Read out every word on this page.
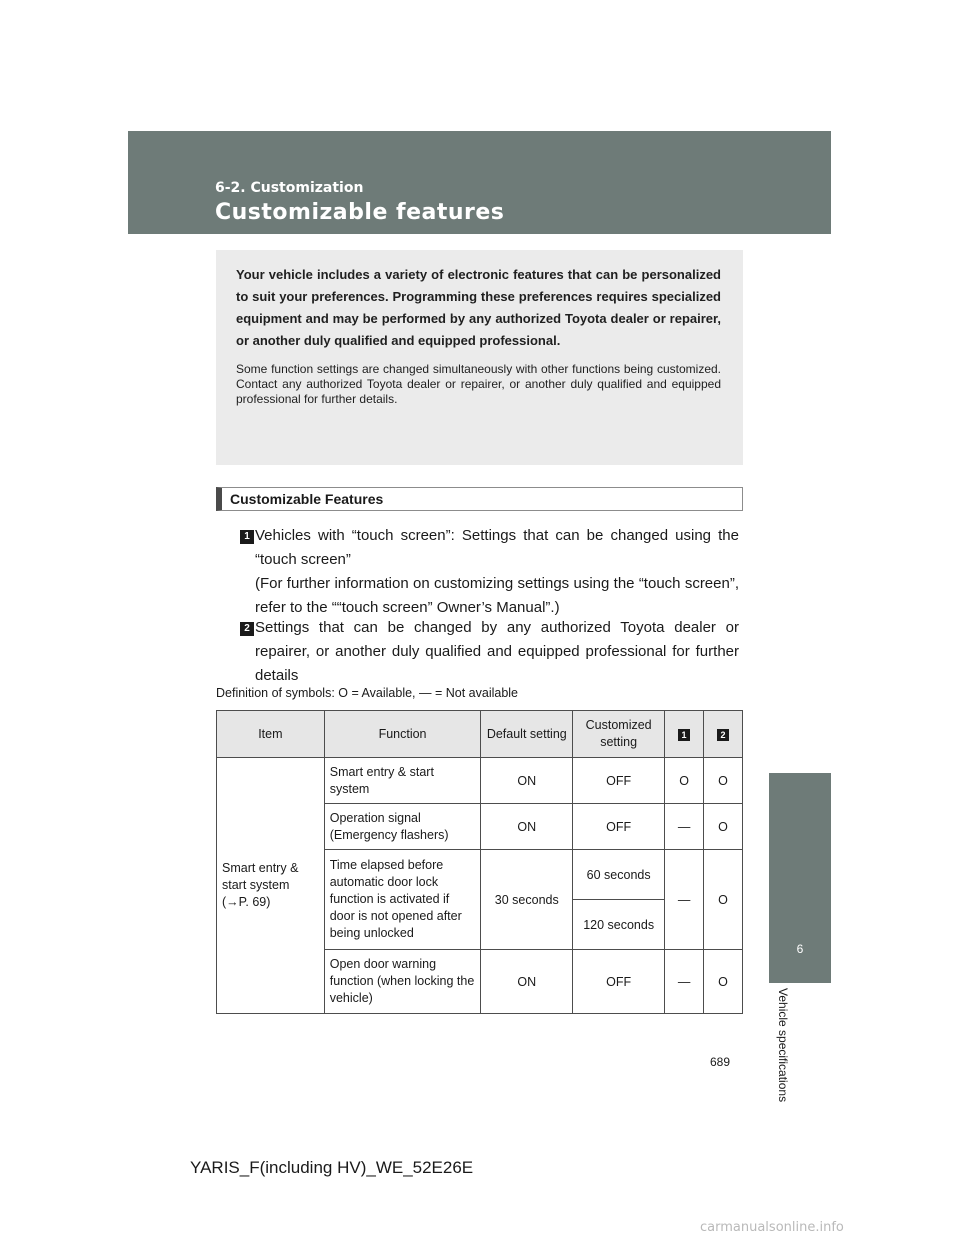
6-2. Customization
Customizable features
6
Vehicle specifications

Your vehicle includes a variety of electronic features that can be personalized to suit your preferences. Programming these preferences requires specialized equipment and may be performed by any authorized Toyota dealer or repairer, or another duly qualified and equipped professional.

Some function settings are changed simultaneously with other functions being customized. Contact any authorized Toyota dealer or repairer, or another duly qualified and equipped professional for further details.

Customizable Features
1 Vehicles with “touch screen”: Settings that can be changed using the “touch screen”

(For further information on customizing settings using the “touch screen”, refer to the ““touch screen” Owner’s Manual”.)

2 Settings that can be changed by any authorized Toyota dealer or repairer, or another duly qualified and equipped professional for further details

Definition of symbols: O = Available, — = Not available
Item	Function	Default setting	Customized setting	1	2
Smart entry & start system (→P. 69)	Smart entry & start system	ON	OFF	O	O
	Operation signal (Emergency flashers)	ON	OFF	—	O
	Time elapsed before automatic door lock function is activated if door is not opened after being unlocked	30 seconds	60 seconds	—	O
			120 seconds		
	Open door warning function (when locking the vehicle)	ON	OFF	—	O
689
YARIS_F(including HV)_WE_52E26E
carmanualsonline.info
